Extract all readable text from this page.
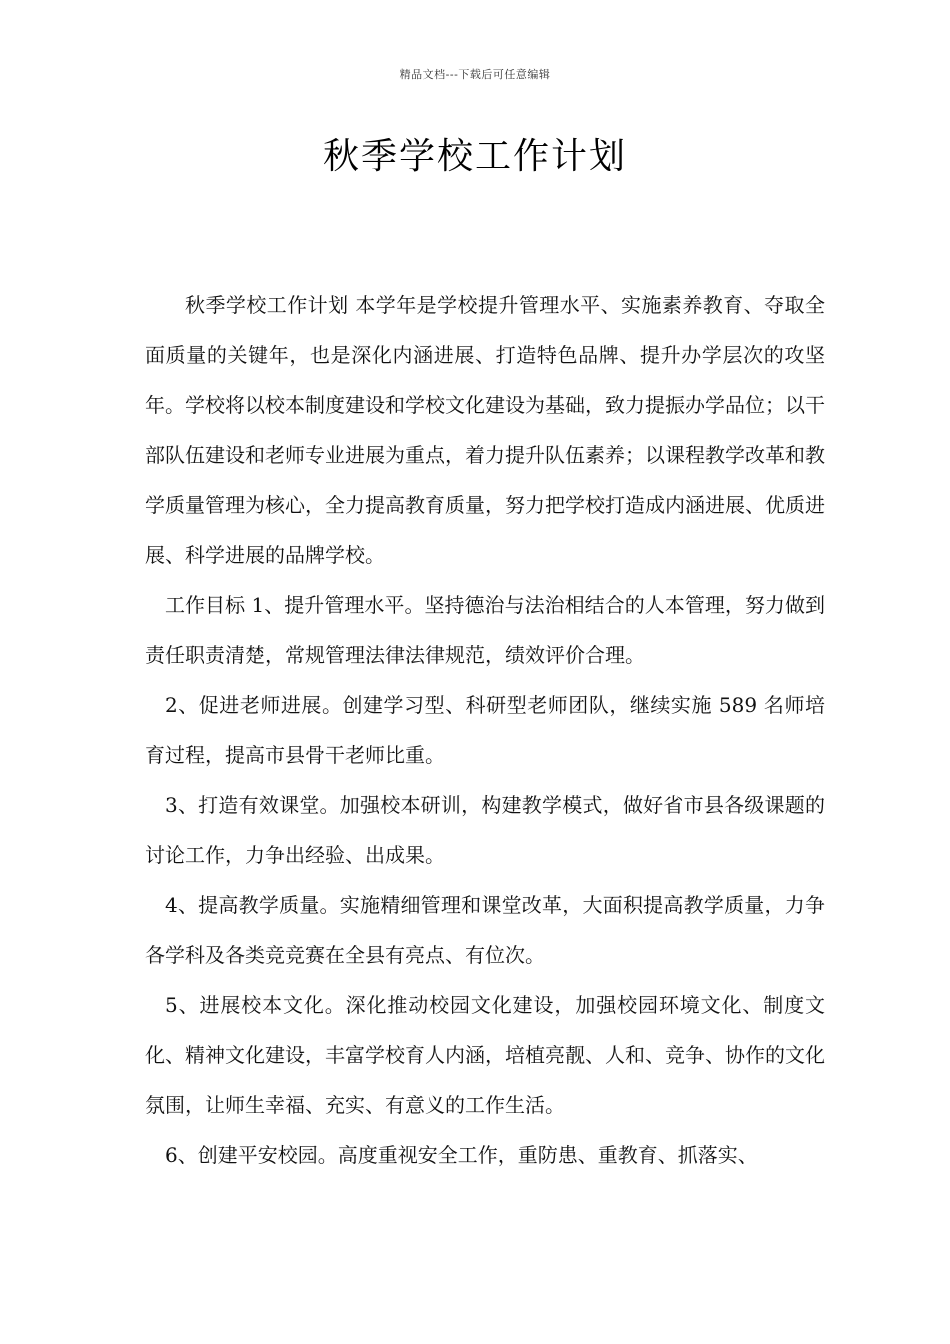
精品文档---下载后可任意编辑
秋季学校工作计划

秋季学校工作计划 本学年是学校提升管理水平、实施素养教育、夺取全面质量的关键年，也是深化内涵进展、打造特色品牌、提升办学层次的攻坚年。学校将以校本制度建设和学校文化建设为基础，致力提振办学品位；以干部队伍建设和老师专业进展为重点，着力提升队伍素养；以课程教学改革和教学质量管理为核心，全力提高教育质量，努力把学校打造成内涵进展、优质进展、科学进展的品牌学校。

工作目标 1、提升管理水平。坚持德治与法治相结合的人本管理，努力做到责任职责清楚，常规管理法律法律规范，绩效评价合理。

2、促进老师进展。创建学习型、科研型老师团队，继续实施 589 名师培育过程，提高市县骨干老师比重。

3、打造有效课堂。加强校本研训，构建教学模式，做好省市县各级课题的讨论工作，力争出经验、出成果。

4、提高教学质量。实施精细管理和课堂改革，大面积提高教学质量，力争各学科及各类竞竞赛在全县有亮点、有位次。

5、进展校本文化。深化推动校园文化建设，加强校园环境文化、制度文化、精神文化建设，丰富学校育人内涵，培植亮靓、人和、竞争、协作的文化氛围，让师生幸福、充实、有意义的工作生活。

6、创建平安校园。高度重视安全工作，重防患、重教育、抓落实、
